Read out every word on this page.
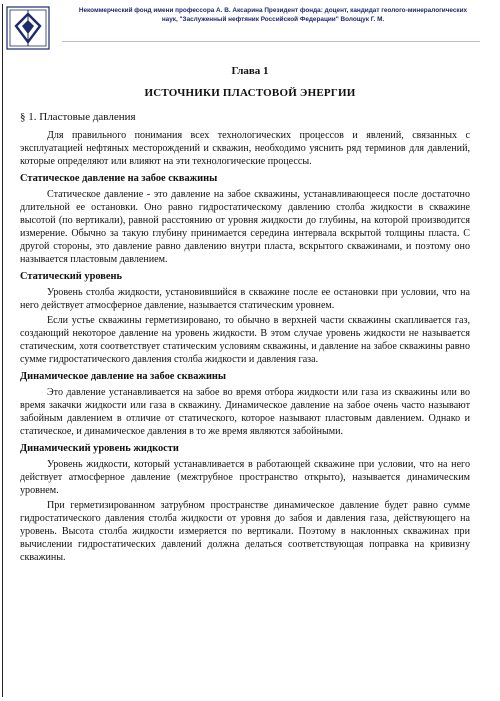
Некоммерческий фонд имени профессора А. В. Аксарина Президент фонда: доцент, кандидат геолого-минералогических наук, "Заслуженный нефтяник Российской Федерации" Волощук Г. М.
Глава 1
ИСТОЧНИКИ ПЛАСТОВОЙ ЭНЕРГИИ
§ 1. Пластовые давления

Для правильного понимания всех технологических процессов и явлений, связанных с эксплуатацией нефтяных месторождений и скважин, необходимо уяснить ряд терминов для давлений, которые определяют или влияют на эти технологические процессы.

Статическое давление на забое скважины

Статическое давление - это давление на забое скважины, устанавливающееся после достаточно длительной ее остановки. Оно равно гидростатическому давлению столба жидкости в скважине высотой (по вертикали), равной расстоянию от уровня жидкости до глубины, на которой производится измерение. Обычно за такую глубину принимается середина интервала вскрытой толщины пласта. С другой стороны, это давление равно давлению внутри пласта, вскрытого скважинами, и поэтому оно называется пластовым давлением.

Статический уровень

Уровень столба жидкости, установившийся в скважине после ее остановки при условии, что на него действует атмосферное давление, называется статическим уровнем.

Если устье скважины герметизировано, то обычно в верхней части скважины скапливается газ, создающий некоторое давление на уровень жидкости. В этом случае уровень жидкости не называется статическим, хотя соответствует статическим условиям скважины, и давление на забое скважины равно сумме гидростатического давления столба жидкости и давления газа.

Динамическое давление на забое скважины

Это давление устанавливается на забое во время отбора жидкости или газа из скважины или во время закачки жидкости или газа в скважину. Динамическое давление на забое очень часто называют забойным давлением в отличие от статического, которое называют пластовым давлением. Однако и статическое, и динамическое давления в то же время являются забойными.

Динамический уровень жидкости

Уровень жидкости, который устанавливается в работающей скважине при условии, что на него действует атмосферное давление (межтрубное пространство открыто), называется динамическим уровнем.

При герметизированном затрубном пространстве динамическое давление будет равно сумме гидростатического давления столба жидкости от уровня до забоя и давления газа, действующего на уровень. Высота столба жидкости измеряется по вертикали. Поэтому в наклонных скважинах при вычислении гидростатических давлений должна делаться соответствующая поправка на кривизну скважины.
